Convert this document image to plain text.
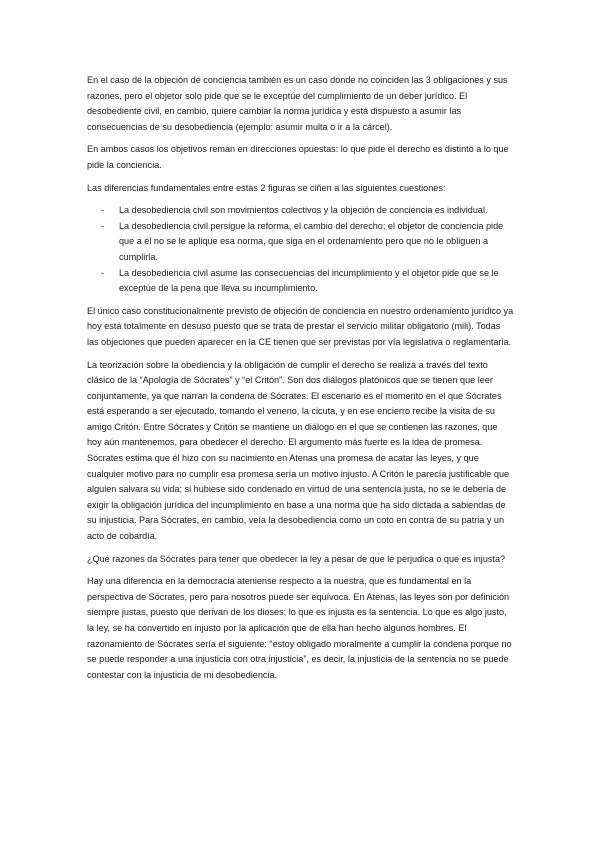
En el caso de la objeción de conciencia también es un caso donde no coinciden las 3 obligaciones y sus razones, pero el objetor solo pide que se le exceptúe del cumplimiento de un deber jurídico. El desobediente civil, en cambio, quiere cambiar la norma jurídica y está dispuesto a asumir las consecuencias de su desobediencia (ejemplo: asumir multa o ir a la cárcel).

En ambos casos los objetivos reman en direcciones opuestas: lo que pide el derecho es distinto a lo que pide la conciencia.

Las diferencias fundamentales entre estas 2 figuras se ciñen a las siguientes cuestiones:

- La desobediencia civil son movimientos colectivos y la objeción de conciencia es individual.
- La desobediencia civil persigue la reforma, el cambio del derecho; el objetor de conciencia pide que a él no se le aplique esa norma, que siga en el ordenamiento pero que no le obliguen a cumplirla.
- La desobediencia civil asume las consecuencias del incumplimiento y el objetor pide que se le exceptúe de la pena que lleva su incumplimiento.

El único caso constitucionalmente previsto de objeción de conciencia en nuestro ordenamiento jurídico ya hoy está totalmente en desuso puesto que se trata de prestar el servicio militar obligatorio (mili). Todas las objeciones que pueden aparecer en la CE tienen que ser previstas por vía legislativa o reglamentaria.

La teorización sobre la obediencia y la obligación de cumplir el derecho se realiza a través del texto clásico de la “Apología de Sócrates” y “el Critón”. Son dos diálogos platónicos que se tienen que leer conjuntamente, ya que narran la condena de Sócrates. El escenario es el momento en el que Sócrates está esperando a ser ejecutado, tomando el veneno, la cicuta, y en ese encierro recibe la visita de su amigo Critón. Entre Sócrates y Critón se mantiene un diálogo en el que se contienen las razones, que hoy aún mantenemos, para obedecer el derecho. El argumento más fuerte es la idea de promesa. Sócrates estima que él hizo con su nacimiento en Atenas una promesa de acatar las leyes, y que cualquier motivo para no cumplir esa promesa sería un motivo injusto. A Critón le parecía justificable que alguien salvara su vida; si hubiese sido condenado en virtud de una sentencia justa, no se le debería de exigir la obligación jurídica del incumplimiento en base a una norma que ha sido dictada a sabiendas de su injusticia. Para Sócrates, en cambio, veía la desobediencia como un coto en contra de su patria y un acto de cobardía.

¿Qué razones da Sócrates para tener que obedecer la ley a pesar de que le perjudica o que es injusta?

Hay una diferencia en la democracia ateniense respecto a la nuestra, que es fundamental en la perspectiva de Sócrates, pero para nosotros puede ser equívoca. En Atenas, las leyes son por definición siempre justas, puesto que derivan de los dioses; lo que es injusta es la sentencia. Lo que es algo justo, la ley, se ha convertido en injusto por la aplicación que de ella han hecho algunos hombres. El razonamiento de Sócrates sería el siguiente: “estoy obligado moralmente a cumplir la condena porque no se puede responder a una injusticia con otra injusticia”, es decir, la injusticia de la sentencia no se puede contestar con la injusticia de mi desobediencia.
